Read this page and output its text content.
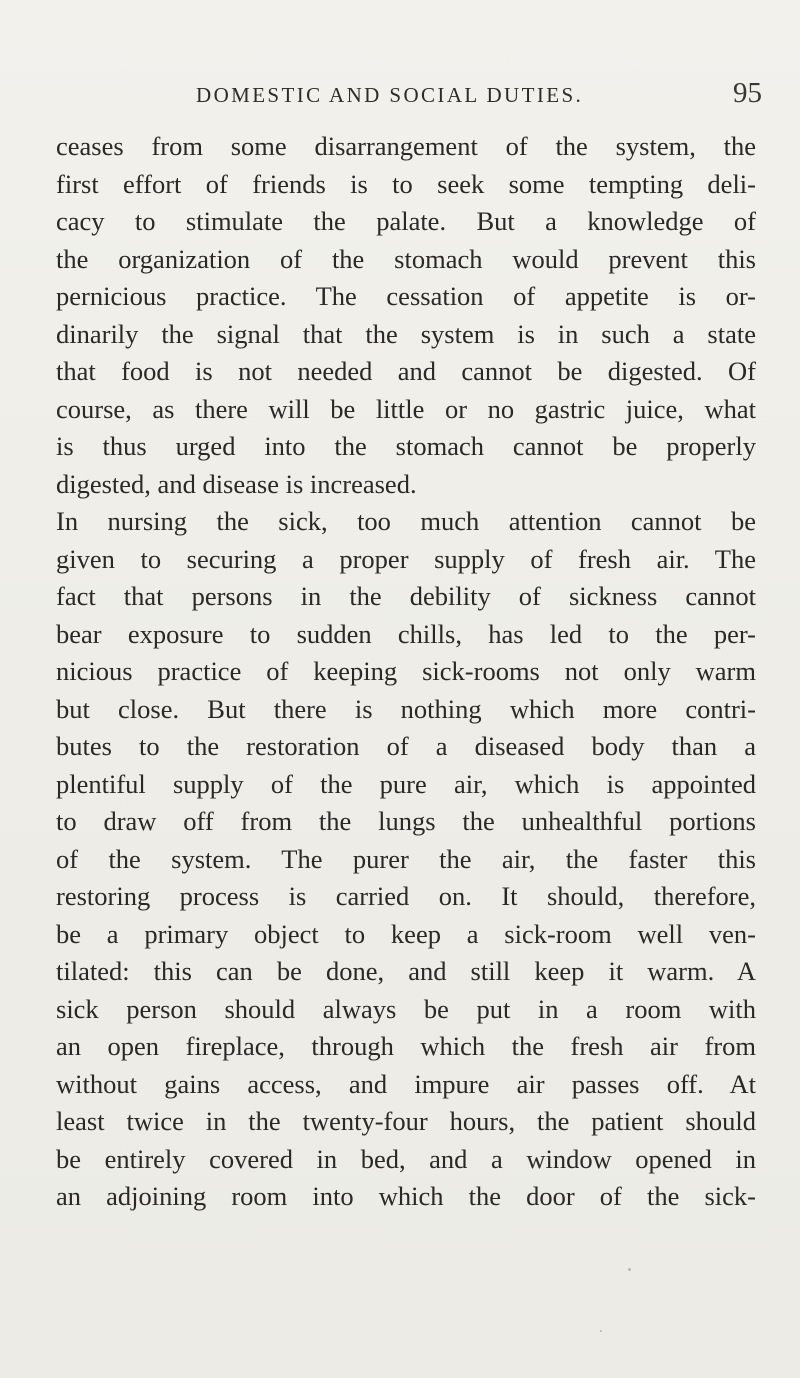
DOMESTIC AND SOCIAL DUTIES.	95
ceases from some disarrangement of the system, the
first effort of friends is to seek some tempting deli-
cacy to stimulate the palate. But a knowledge of
the organization of the stomach would prevent this
pernicious practice. The cessation of appetite is or-
dinarily the signal that the system is in such a state
that food is not needed and cannot be digested. Of
course, as there will be little or no gastric juice, what
is thus urged into the stomach cannot be properly
digested, and disease is increased.
In nursing the sick, too much attention cannot be
given to securing a proper supply of fresh air. The
fact that persons in the debility of sickness cannot
bear exposure to sudden chills, has led to the per-
nicious practice of keeping sick-rooms not only warm
but close. But there is nothing which more contri-
butes to the restoration of a diseased body than a
plentiful supply of the pure air, which is appointed
to draw off from the lungs the unhealthful portions
of the system. The purer the air, the faster this
restoring process is carried on. It should, therefore,
be a primary object to keep a sick-room well ven-
tilated: this can be done, and still keep it warm. A
sick person should always be put in a room with
an open fireplace, through which the fresh air from
without gains access, and impure air passes off. At
least twice in the twenty-four hours, the patient should
be entirely covered in bed, and a window opened in
an adjoining room into which the door of the sick-
